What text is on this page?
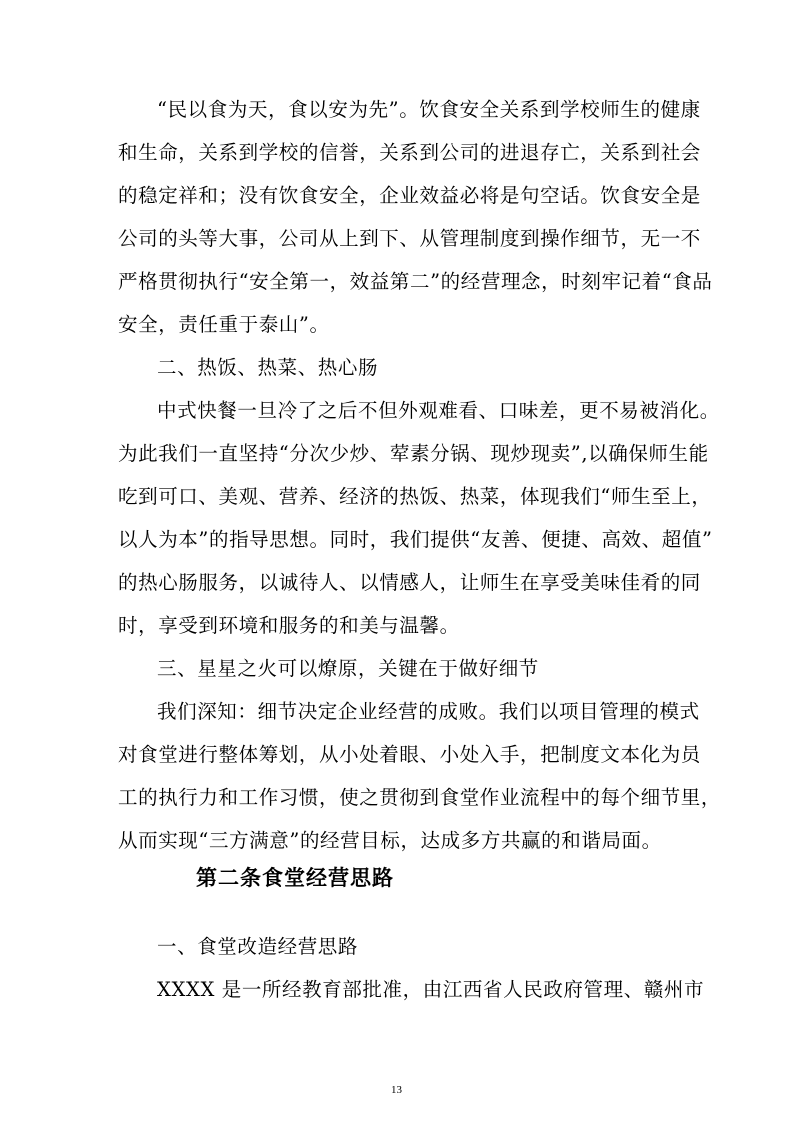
“民以食为天，食以安为先”。饮食安全关系到学校师生的健康
和生命，关系到学校的信誉，关系到公司的进退存亡，关系到社会
的稳定祥和；没有饮食安全，企业效益必将是句空话。饮食安全是
公司的头等大事，公司从上到下、从管理制度到操作细节，无一不
严格贯彻执行“安全第一，效益第二”的经营理念，时刻牢记着“食品
安全，责任重于泰山”。
二、热饭、热菜、热心肠
中式快餐一旦冷了之后不但外观难看、口味差，更不易被消化。
为此我们一直坚持“分次少炒、荤素分锅、现炒现卖”,以确保师生能
吃到可口、美观、营养、经济的热饭、热菜，体现我们“师生至上，
以人为本”的指导思想。同时，我们提供“友善、便捷、高效、超值”
的热心肠服务，以诚待人、以情感人，让师生在享受美味佳肴的同
时，享受到环境和服务的和美与温馨。
三、星星之火可以燎原，关键在于做好细节
我们深知：细节决定企业经营的成败。我们以项目管理的模式
对食堂进行整体筹划，从小处着眼、小处入手，把制度文本化为员
工的执行力和工作习惯，使之贯彻到食堂作业流程中的每个细节里，
从而实现“三方满意”的经营目标，达成多方共赢的和谐局面。
第二条食堂经营思路
一、食堂改造经营思路
XXXX 是一所经教育部批准，由江西省人民政府管理、赣州市
13
